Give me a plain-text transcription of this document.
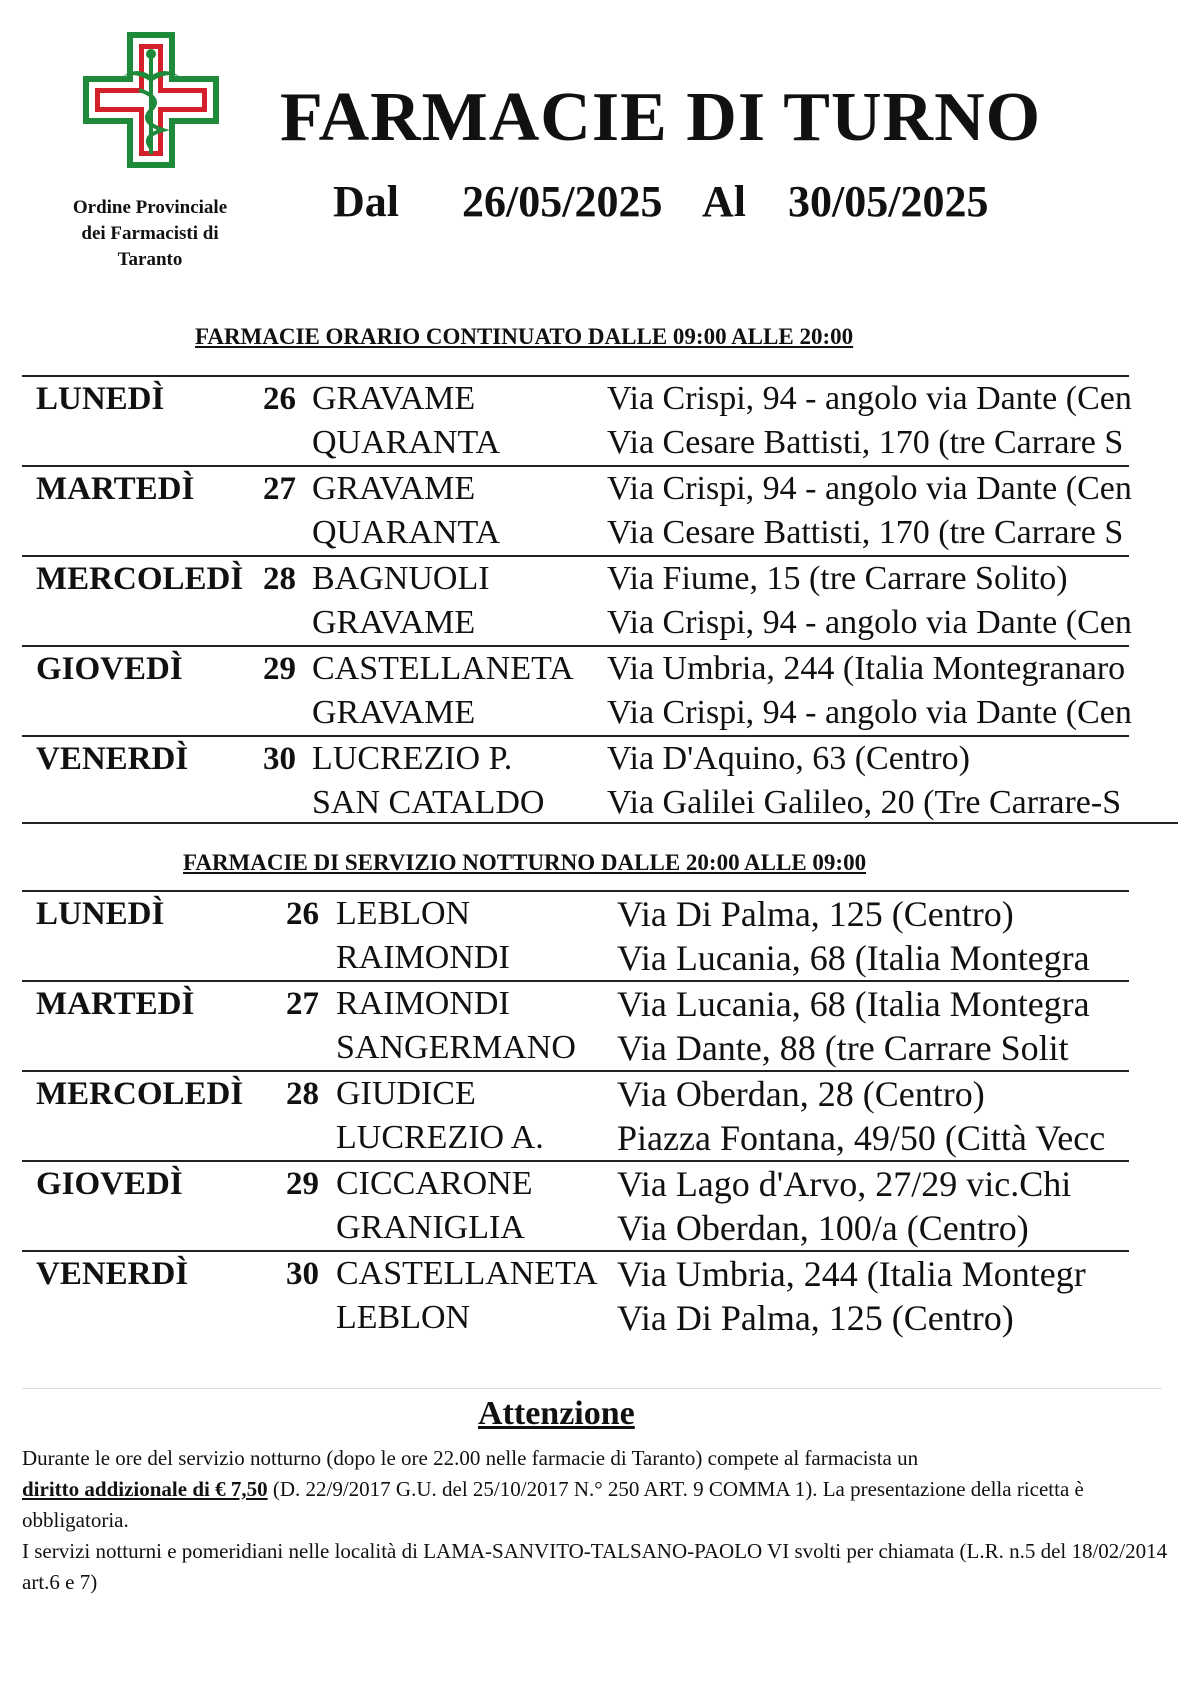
Ordine Provinciale
dei Farmacisti di
Taranto
FARMACIE DI TURNO
Dal   26/05/2025  Al  30/05/2025
FARMACIE ORARIO CONTINUATO DALLE 09:00 ALLE 20:00
LUNEDÌ	26 GRAVAME	Via Crispi, 94 - angolo via Dante (Cen
QUARANTA	Via Cesare Battisti, 170 (tre Carrare S
MARTEDÌ 27 GRAVAME	Via Crispi, 94 - angolo via Dante (Cen
QUARANTA	Via Cesare Battisti, 170 (tre Carrare S
MERCOLEDÌ 28 BAGNUOLI	Via Fiume, 15 (tre Carrare Solito)
GRAVAME	Via Crispi, 94 - angolo via Dante (Cen
GIOVEDÌ 29 CASTELLANETA Via Umbria, 244 (Italia Montegranaro
GRAVAME	Via Crispi, 94 - angolo via Dante (Cen
VENERDÌ 30 LUCREZIO P.	Via D'Aquino, 63 (Centro)
SAN CATALDO Via Galilei Galileo, 20 (Tre Carrare-S
FARMACIE DI SERVIZIO NOTTURNO DALLE 20:00 ALLE 09:00
LUNEDÌ	26 LEBLON	Via Di Palma, 125 (Centro)
RAIMONDI	Via Lucania, 68 (Italia Montegra
MARTEDÌ	27 RAIMONDI	Via Lucania, 68 (Italia Montegra
SANGERMANO Via Dante, 88 (tre Carrare Solit
MERCOLEDÌ 28 GIUDICE	Via Oberdan, 28 (Centro)
LUCREZIO A. Piazza Fontana, 49/50 (Città Vecc
GIOVEDÌ	29 CICCARONE Via Lago d'Arvo, 27/29 vic.Chi
GRANIGLIA	Via Oberdan, 100/a (Centro)
VENERDÌ	30 CASTELLANETA Via Umbria, 244 (Italia Montegr
LEBLON	Via Di Palma, 125 (Centro)
Attenzione

Durante le ore del servizio notturno (dopo le ore 22.00 nelle farmacie di Taranto) compete al farmacista un
diritto addizionale di € 7,50 (D. 22/9/2017 G.U. del 25/10/2017 N.° 250 ART. 9 COMMA 1). La presentazione della ricetta è obbligatoria.

I servizi notturni e pomeridiani nelle località di LAMA-SANVITO-TALSANO-PAOLO VI svolti per chiamata (L.R. n.5 del 18/02/2014 art.6 e 7)
